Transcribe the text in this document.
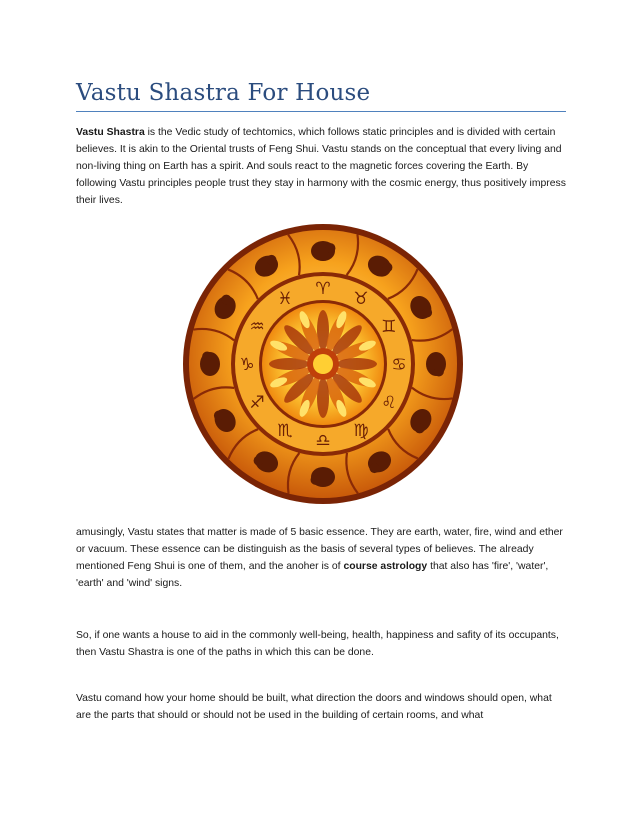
Vastu Shastra For House

Vastu Shastra is the Vedic study of techtomics, which follows static principles and is divided with certain believes. It is akin to the Oriental trusts of Feng Shui. Vastu stands on the conceptual that every living and non-living thing on Earth has a spirit. And souls react to the magnetic forces covering the Earth. By following Vastu principles people trust they stay in harmony with the cosmic energy, thus positively impress their lives.

♈
♉
♊
♋
♌
♍
♎
♏
♐
♑
♒
♓

amusingly, Vastu states that matter is made of 5 basic essence. They are earth, water, fire, wind and ether or vacuum. These essence can be distinguish as the basis of several types of believes. The already mentioned Feng Shui is one of them, and the anoher is of course astrology that also has 'fire', 'water', 'earth' and 'wind' signs.

So, if one wants a house to aid in the commonly well-being, health, happiness and safity of its occupants, then Vastu Shastra is one of the paths in which this can be done.

Vastu comand how your home should be built, what direction the doors and windows should open, what are the parts that should or should not be used in the building of certain rooms, and what
